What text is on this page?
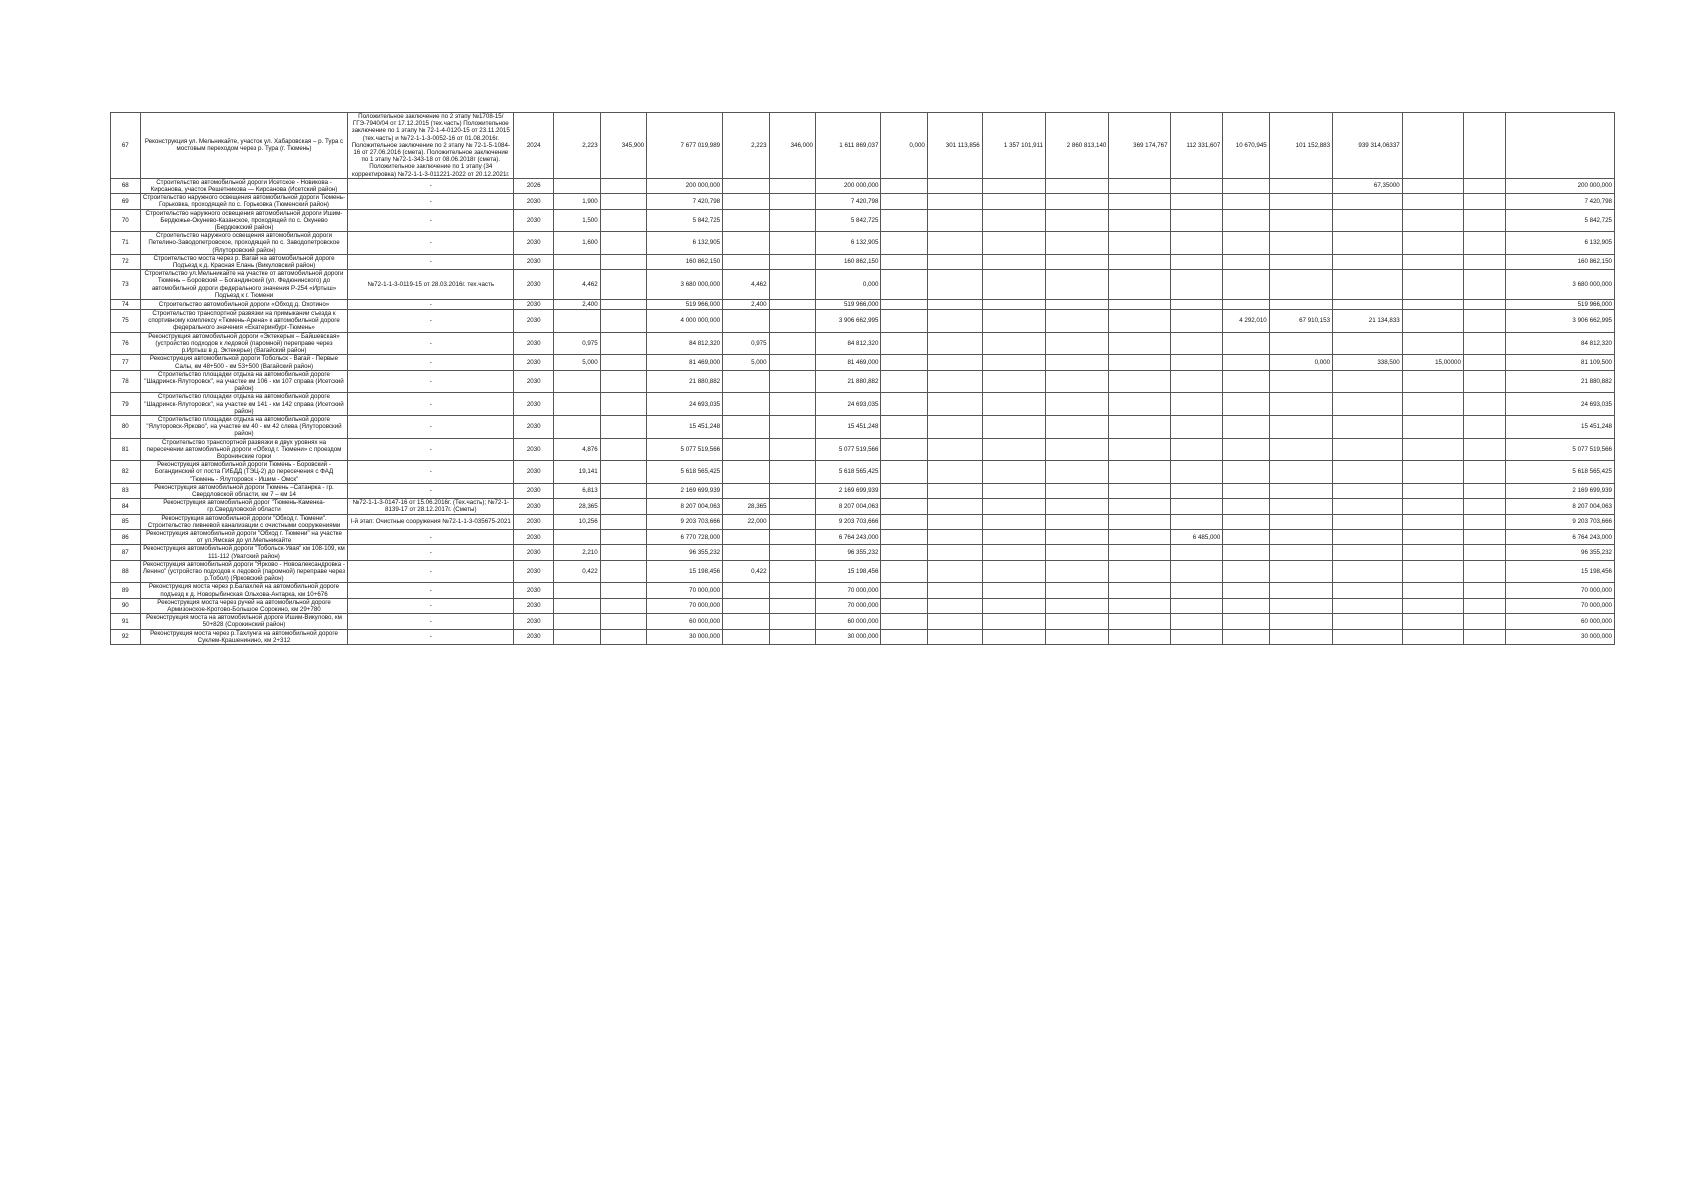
67	Реконструкция ул. Мельникайте, участок ул. Хабаровская – р. Тура с мостовым переходом через р. Тура (г. Тюмень)	Положительное заключение по 2 этапу №1708-15/ГГЭ-7940/04 от 17.12.2015 (тех.часть) Положительное заключение по 1 этапу № 72-1-4-0120-15 от 23.11.2015 (тех.часть) и №72-1-1-3-0052-16 от 01.08.2016г. Положительное заключение по 2 этапу № 72-1-5-1084-16 от 27.06.2016 (смета). Положительное заключение по 1 этапу №72-1-343-18 от 08.06.2018г (смета). Положительное заключение по 1 этапу (34 корректировка) №72-1-1-3-011221-2022 от 20.12.2021г.	2024	2,223	345,900	7 677 019,989	2,223	346,000	1 611 869,037	0,000	301 113,856	1 357 101,911	2 860 813,140	369 174,767	112 331,607	10 670,945	101 152,883	939 314,06337			
68	Строительство автомобильной дороги Исетское - Новикова - Кирсанова, участок Решетникова — Кирсанова (Исетский район)	-	2026			200 000,000			200 000,000									67,35000			200 000,000
69	Строительство наружного освещения автомобильной дороги Тюмень-Горьковка, проходящей по с. Горьковка (Тюменский район)	-	2030	1,900		7 420,798			7 420,798												7 420,798
70	Строительство наружного освещения автомобильной дороги Ишим-Бердюжье-Окунево-Казанское, проходящей по с. Окунево (Бердюжский район)	-	2030	1,500		5 842,725			5 842,725												5 842,725
71	Строительство наружного освещения автомобильной дороги Петелино-Заводопетровское, проходящей по с. Заводопетровское (Ялуторовский район)	-	2030	1,600		6 132,905			6 132,905												6 132,905
72	Строительство моста через р. Вагай на автомобильной дороге Подъезд к д. Красная Елань (Викуловский район)	-	2030			160 862,150			160 862,150												160 862,150
73	Строительство ул.Мельникайте на участке от автомобильной дороги Тюмень – Боровский – Богандинский (ул. Федюнинского) до автомобильной дороги федерального значения Р-254 «Иртыш» Подъезд к г. Тюмени	№72-1-1-3-0119-15 от 28.03.2016г. тех.часть	2030	4,462		3 680 000,000	4,462		0,000												3 680 000,000
74	Строительство автомобильной дороги «Обход д. Охотино»	-	2030	2,400		519 966,000	2,400		519 966,000												519 966,000
75	Строительство транспортной развязки на примыкании съезда к спортивному комплексу «Тюмень-Арена» к автомобильной дороге федерального значения «Екатеринбург-Тюмень»	-	2030			4 000 000,000			3 906 662,995							4 292,010	67 910,153	21 134,833			3 906 662,995
76	Реконструкция автомобильной дороги «Эктекерьм – Байшевская» (устройство подходов к ледовой (паромной) переправе через р.Иртыш в д. Эктекерье) (Вагайский район)	-	2030	0,975		84 812,320	0,975		84 812,320												84 812,320
77	Реконструкция автомобильной дороги Тобольск - Вагай - Первые Салы, км 48+500 - км 53+500 (Вагайский район)	-	2030	5,000		81 469,000	5,000		81 469,000								0,000	338,500	15,00000		81 109,500
78	Строительство площадки отдыха на автомобильной дороге "Шадринск-Ялуторовск", на участке км 106 - км 107 справа (Исетский район)	-	2030			21 880,882			21 880,882												21 880,882
79	Строительство площадки отдыха на автомобильной дороге "Шадринск-Ялуторовск", на участке км 141 - км 142 справа (Исетский район)	-	2030			24 693,035			24 693,035												24 693,035
80	Строительство площадки отдыха на автомобильной дороге "Ялуторовск-Ярково", на участке км 40 - км 42 слева (Ялуторовский район)	-	2030			15 451,248			15 451,248												15 451,248
81	Строительство транспортной развязки в двух уровнях на пересечении автомобильной дороги «Обход г. Тюмени» с проездом Воронинские горки	-	2030	4,876		5 077 519,566			5 077 519,566												5 077 519,566
82	Реконструкция автомобильной дороги Тюмень - Боровский - Богандинский от поста ГИБДД (ТЭЦ-2) до пересечения с ФАД "Тюмень - Ялуторовск - Ишим - Омск"	-	2030	19,141		5 618 565,425			5 618 565,425												5 618 565,425
83	Реконструкция автомобильной дороги Тюмень –Сатанрка - гр. Свердловской области, км 7 – км 14	-	2030	6,813		2 169 699,939			2 169 699,939												2 169 699,939
84	Реконструкция автомобильной дорог "Тюмень-Каменка-гр.Свердловской области	№72-1-1-3-0147-16 от 15.06.2016г. (Тех.часть); №72-1-8139-17 от 28.12.2017г. (Сметы)	2030	28,365		8 207 004,063	28,365		8 207 004,063												8 207 004,063
85	Реконструкция автомобильной дороги "Обход г. Тюмени". Строительство ливневой канализации с очистными сооружениями	I-й этап: Очистные сооружения №72-1-1-3-035675-2021	2030	10,256		9 203 703,666	22,000		9 203 703,666												9 203 703,666
86	Реконструкция автомобильной дороги "Обход г. Тюмени" на участке от ул.Ямская до ул.Мельникайте	-	2030			6 770 728,000			6 764 243,000						6 485,000						6 764 243,000
87	Реконструкция автомобильной дороги "Тобольск-Увая" км 108-109, км 111-112 (Уватский район)	-	2030	2,210		96 355,232			96 355,232												96 355,232
88	Реконструкция автомобильной дороги "Ярково - Новоалександровка - Ленино" (устройство подходов к ледовой (паромной) переправе через р.Тобол) (Ярковский район)	-	2030	0,422		15 198,456	0,422		15 198,456												15 198,456
89	Реконструкция моста через р.Балахлей на автомобильной дороге подъезд к д. Новорыбинская Ольхова-Антарка, км 10+676	-	2030			70 000,000			70 000,000												70 000,000
90	Реконструкция моста через ручей на автомобильной дороге Армизонское-Кротово-Большое Сорокино, км 29+780	-	2030			70 000,000			70 000,000												70 000,000
91	Реконструкция моста на автомобильной дороге Ишим-Викулово, км 50+828 (Сорокинский район)	-	2030			60 000,000			60 000,000												60 000,000
92	Реконструкция моста через р.Тахлунга на автомобильной дороге Суклем-Крашенинино, км 2+312	-	2030			30 000,000			30 000,000												30 000,000
